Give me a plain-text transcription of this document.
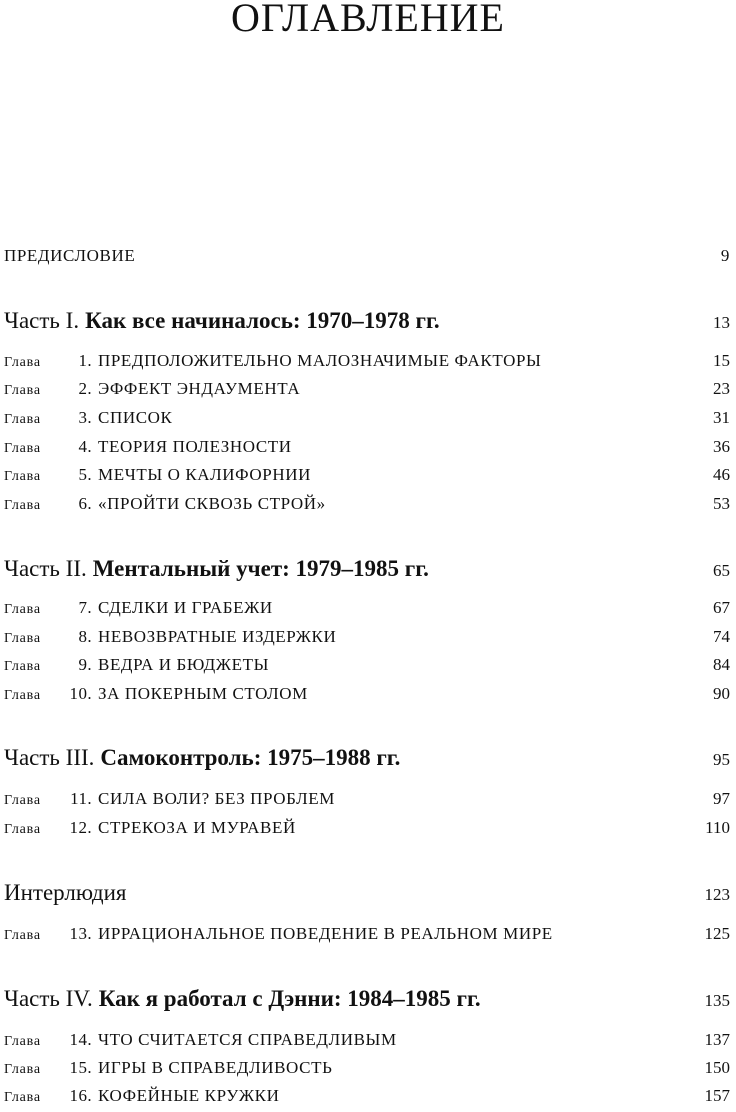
ОГЛАВЛЕНИЕ
ПРЕДИСЛОВИЕ	9
Часть I. Как все начиналось: 1970–1978 гг.	13
Глава	1. ПРЕДПОЛОЖИТЕЛЬНО МАЛОЗНАЧИМЫЕ ФАКТОРЫ	15
Глава	2. ЭФФЕКТ ЭНДАУМЕНТА	23
Глава	3. СПИСОК	31
Глава	4. ТЕОРИЯ ПОЛЕЗНОСТИ	36
Глава	5. МЕЧТЫ О КАЛИФОРНИИ	46
Глава	6. «ПРОЙТИ СКВОЗЬ СТРОЙ»	53
Часть II. Ментальный учет: 1979–1985 гг.	65
Глава	7. СДЕЛКИ И ГРАБЕЖИ	67
Глава	8. НЕВОЗВРАТНЫЕ ИЗДЕРЖКИ	74
Глава	9. ВЕДРА И БЮДЖЕТЫ	84
Глава	10. ЗА ПОКЕРНЫМ СТОЛОМ	90
Часть III. Самоконтроль: 1975–1988 гг.	95
Глава	11. СИЛА ВОЛИ? БЕЗ ПРОБЛЕМ	97
Глава	12. СТРЕКОЗА И МУРАВЕЙ	110
Интерлюдия	123
Глава	13. ИРРАЦИОНАЛЬНОЕ ПОВЕДЕНИЕ В РЕАЛЬНОМ МИРЕ	125
Часть IV. Как я работал с Дэнни: 1984–1985 гг.	135
Глава	14. ЧТО СЧИТАЕТСЯ СПРАВЕДЛИВЫМ	137
Глава	15. ИГРЫ В СПРАВЕДЛИВОСТЬ	150
Глава	16. КОФЕЙНЫЕ КРУЖКИ	157
